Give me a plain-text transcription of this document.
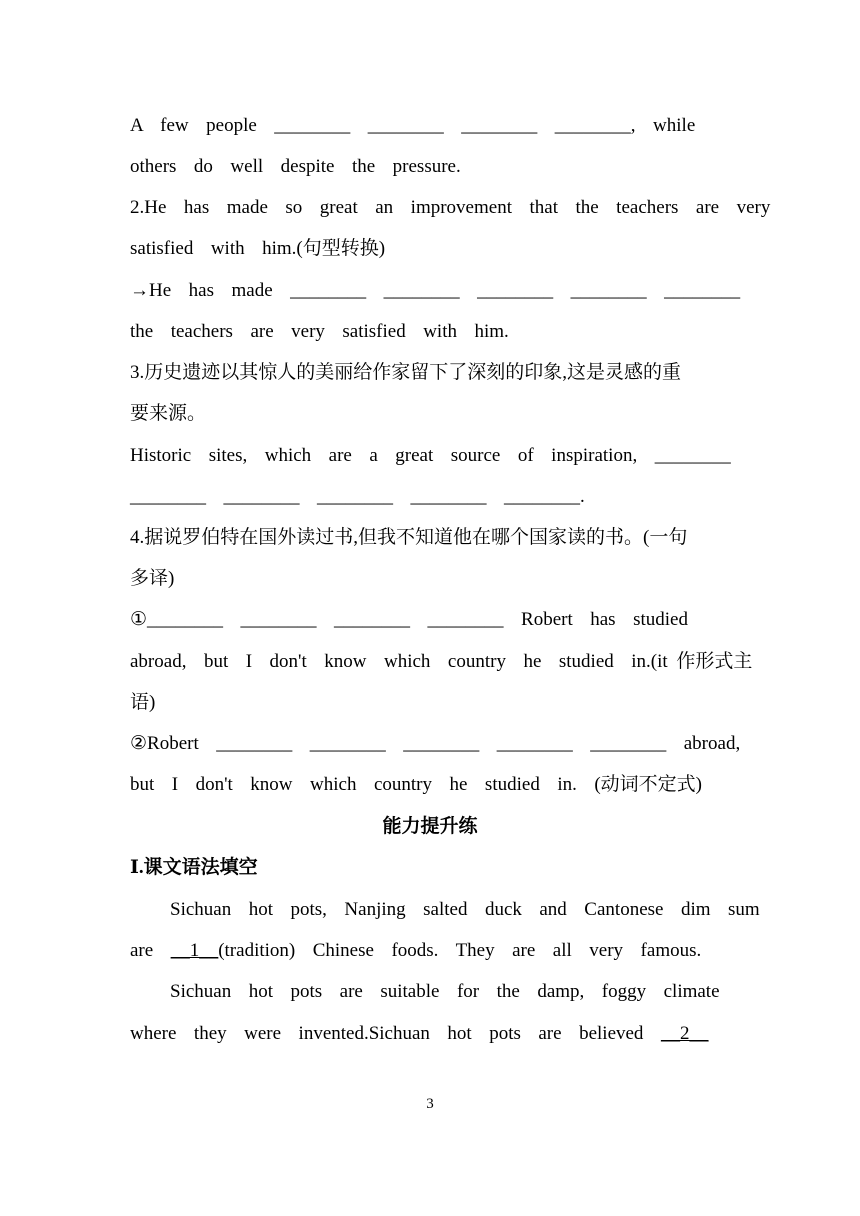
A  few  people  ________  ________  ________  ________,  while
others  do  well  despite  the  pressure.
2.He  has  made  so  great  an  improvement  that  the  teachers  are  very
satisfied  with  him.(句型转换)
→He  has  made  ________  ________  ________  ________  ________
the  teachers  are  very  satisfied  with  him.
3.历史遗迹以其惊人的美丽给作家留下了深刻的印象,这是灵感的重
要来源。
Historic  sites,  which  are  a  great  source  of  inspiration,  ________
________  ________  ________  ________  ________.
4.据说罗伯特在国外读过书,但我不知道他在哪个国家读的书。(一句
多译)
①________  ________  ________  ________  Robert  has  studied
abroad,  but  I  don't  know  which  country  he  studied  in.(it 作形式主
语)
②Robert  ________  ________  ________  ________  ________  abroad,
but  I  don't  know  which  country  he  studied  in.  (动词不定式)
能力提升练
Ⅰ.课文语法填空
Sichuan  hot  pots,  Nanjing  salted  duck  and  Cantonese  dim  sum
are  __1__(tradition)  Chinese  foods.  They  are  all  very  famous.
Sichuan  hot  pots  are  suitable  for  the  damp,  foggy  climate
where  they  were  invented.Sichuan  hot  pots  are  believed  __2__
3
